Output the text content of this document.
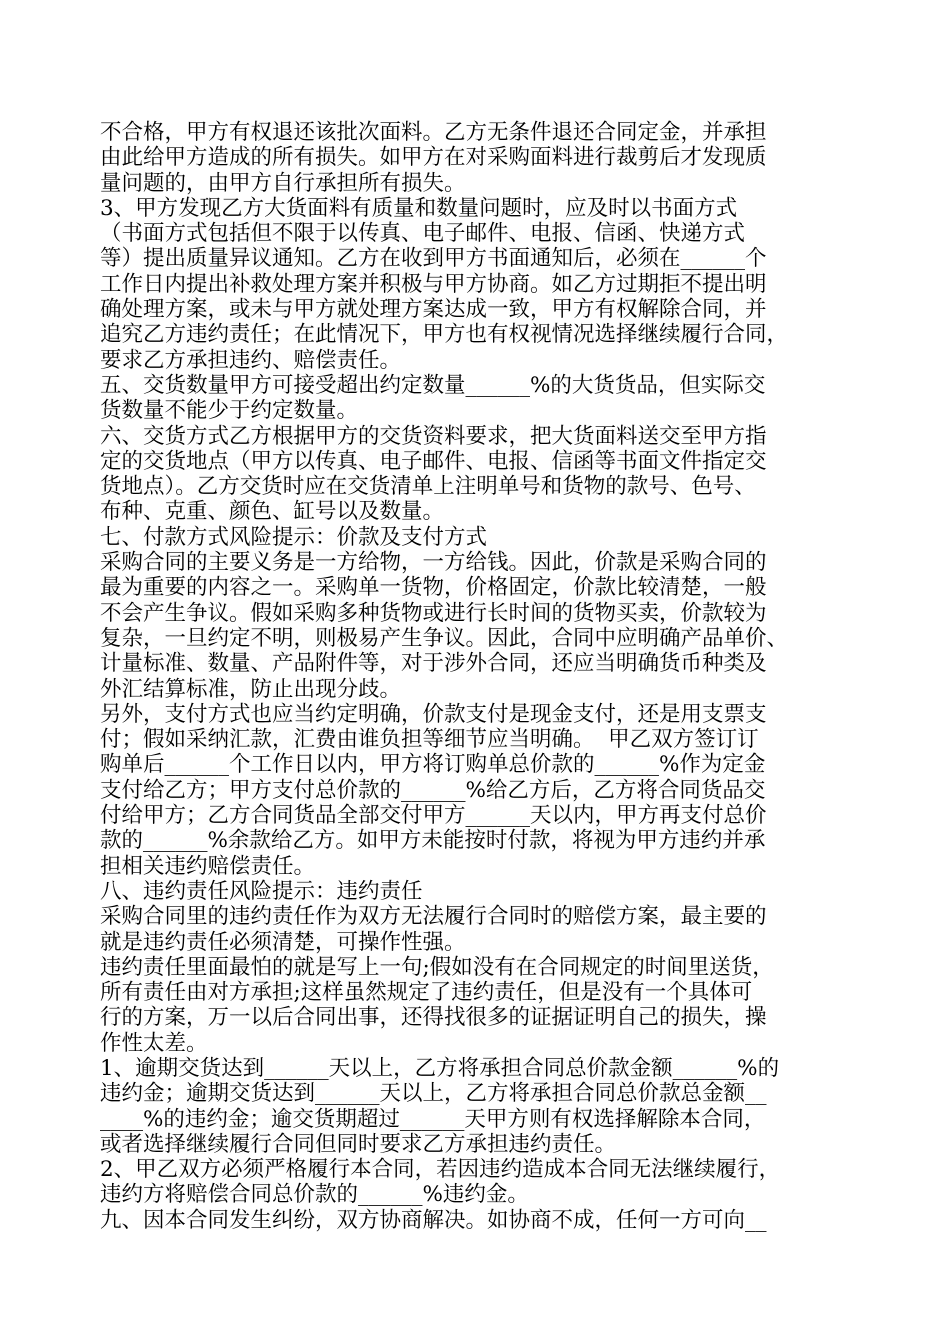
不合格，甲方有权退还该批次面料。乙方无条件退还合同定金，并承担
由此给甲方造成的所有损失。如甲方在对采购面料进行裁剪后才发现质
量问题的，由甲方自行承担所有损失。
3、甲方发现乙方大货面料有质量和数量问题时，应及时以书面方式
（书面方式包括但不限于以传真、电子邮件、电报、信函、快递方式
等）提出质量异议通知。乙方在收到甲方书面通知后，必须在______个
工作日内提出补救处理方案并积极与甲方协商。如乙方过期拒不提出明
确处理方案，或未与甲方就处理方案达成一致，甲方有权解除合同，并
追究乙方违约责任；在此情况下，甲方也有权视情况选择继续履行合同，
要求乙方承担违约、赔偿责任。
五、交货数量甲方可接受超出约定数量______%的大货货品，但实际交
货数量不能少于约定数量。
六、交货方式乙方根据甲方的交货资料要求，把大货面料送交至甲方指
定的交货地点（甲方以传真、电子邮件、电报、信函等书面文件指定交
货地点）。乙方交货时应在交货清单上注明单号和货物的款号、色号、
布种、克重、颜色、缸号以及数量。
七、付款方式风险提示：价款及支付方式
采购合同的主要义务是一方给物，一方给钱。因此，价款是采购合同的
最为重要的内容之一。采购单一货物，价格固定，价款比较清楚，一般
不会产生争议。假如采购多种货物或进行长时间的货物买卖，价款较为
复杂，一旦约定不明，则极易产生争议。因此，合同中应明确产品单价、
计量标准、数量、产品附件等，对于涉外合同，还应当明确货币种类及
外汇结算标准，防止出现分歧。
另外，支付方式也应当约定明确，价款支付是现金支付，还是用支票支
付；假如采纳汇款，汇费由谁负担等细节应当明确。  甲乙双方签订订
购单后______个工作日以内，甲方将订购单总价款的______%作为定金
支付给乙方；甲方支付总价款的______%给乙方后，乙方将合同货品交
付给甲方；乙方合同货品全部交付甲方______天以内，甲方再支付总价
款的______%余款给乙方。如甲方未能按时付款，将视为甲方违约并承
担相关违约赔偿责任。
八、违约责任风险提示：违约责任
采购合同里的违约责任作为双方无法履行合同时的赔偿方案，最主要的
就是违约责任必须清楚，可操作性强。
违约责任里面最怕的就是写上一句;假如没有在合同规定的时间里送货，
所有责任由对方承担;这样虽然规定了违约责任，但是没有一个具体可
行的方案，万一以后合同出事，还得找很多的证据证明自己的损失，操
作性太差。
1、逾期交货达到______天以上，乙方将承担合同总价款金额______%的
违约金；逾期交货达到______天以上，乙方将承担合同总价款总金额__
____%的违约金；逾交货期超过______天甲方则有权选择解除本合同，
或者选择继续履行合同但同时要求乙方承担违约责任。
2、甲乙双方必须严格履行本合同，若因违约造成本合同无法继续履行，
违约方将赔偿合同总价款的______%违约金。
九、因本合同发生纠纷，双方协商解决。如协商不成，任何一方可向__
